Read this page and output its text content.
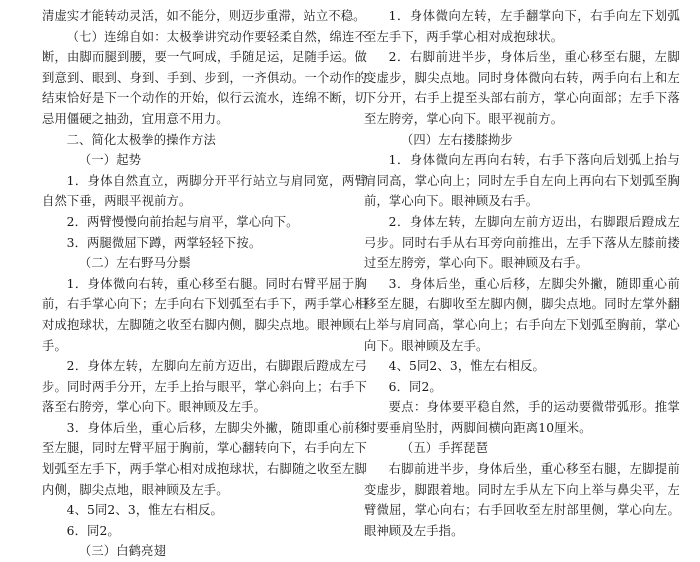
清虚实才能转动灵活，如不能分，则迈步重滞，站立不稳。

（七）连绵自如：太极拳讲究动作要轻柔自然，绵连不断，由脚而腿到腰，要一气呵成，手随足运，足随手运。做到意到、眼到、身到、手到、步到，一齐俱动。一个动作的结束恰好是下一个动作的开始，似行云流水，连绵不断，切忌用僵硬之抽劲，宜用意不用力。

二、简化太极拳的操作方法

（一）起势

1．身体自然直立，两脚分开平行站立与肩同宽，两臂自然下垂，两眼平视前方。

2．两臂慢慢向前抬起与肩平，掌心向下。

3．两腿微屈下蹲，两掌轻轻下按。

（二）左右野马分鬃

1．身体微向右转，重心移至右腿。同时右臂平屈于胸前，右手掌心向下；左手向右下划弧至右手下，两手掌心相对成抱球状，左脚随之收至右脚内侧，脚尖点地。眼神顾右手。

2．身体左转，左脚向左前方迈出，右脚跟后蹬成左弓步。同时两手分开，左手上抬与眼平，掌心斜向上；右手下落至右胯旁，掌心向下。眼神顾及左手。

3．身体后坐，重心后移，左脚尖外撇，随即重心前移至左腿，同时左臂平屈于胸前，掌心翻转向下，右手向左下划弧至左手下，两手掌心相对成抱球状，右脚随之收至左脚内侧，脚尖点地，眼神顾及左手。

4、5同2、3，惟左右相反。

6．同2。

（三）白鹤亮翅

1．身体微向左转，左手翻掌向下，右手向左下划弧至左手下，两手掌心相对成抱球状。

2．右脚前进半步，身体后坐，重心移至右腿，左脚变虚步，脚尖点地。同时身体微向右转，两手向右上和左下分开，右手上提至头部右前方，掌心向面部；左手下落至左胯旁，掌心向下。眼平视前方。

（四）左右搂膝拗步

1．身体微向左再向右转，右手下落向后划弧上抬与肩同高，掌心向上；同时左手自左向上再向右下划弧至胸前，掌心向下。眼神顾及右手。

2．身体左转，左脚向左前方迈出，右脚跟后蹬成左弓步。同时右手从右耳旁向前推出，左手下落从左膝前搂过至左胯旁，掌心向下。眼神顾及右手。

3．身体后坐，重心后移，左脚尖外撇，随即重心前移至左腿，右脚收至左脚内侧，脚尖点地。同时左掌外翻上举与肩同高，掌心向上；右手向左下划弧至胸前，掌心向下。眼神顾及左手。

4、5同2、3，惟左右相反。

6．同2。

要点：身体要平稳自然，手的运动要微带弧形。推掌时要垂肩坠肘，两脚间横向距离10厘米。

（五）手挥琵琶

右脚前进半步，身体后坐，重心移至右腿，左脚提前变虚步，脚跟着地。同时左手从左下向上举与鼻尖平，左臂微屈，掌心向右；右手回收至左肘部里侧，掌心向左。眼神顾及左手指。
